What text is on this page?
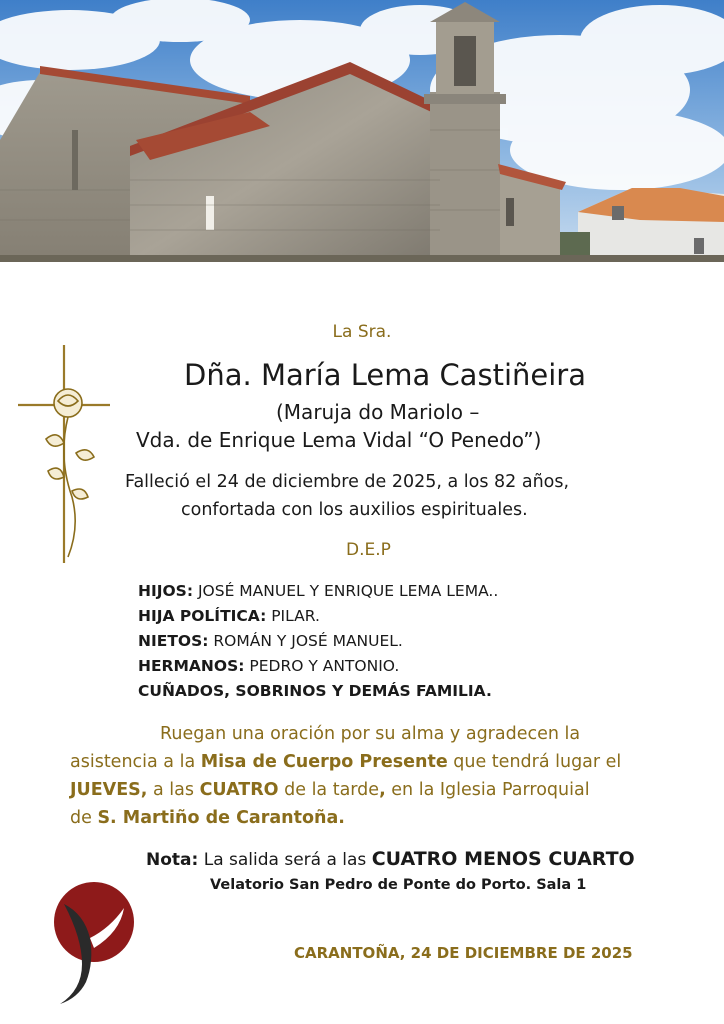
La Sra.
Dña. María Lema Castiñeira
(Maruja do Mariolo –
Vda. de Enrique Lema Vidal “O Penedo”)
Falleció el 24 de diciembre de 2025, a los 82 años,
confortada con los auxilios espirituales.
D.E.P
HIJOS: JOSÉ MANUEL Y ENRIQUE LEMA LEMA..
HIJA POLÍTICA: PILAR.
NIETOS: ROMÁN Y JOSÉ MANUEL.
HERMANOS: PEDRO Y ANTONIO.
CUÑADOS, SOBRINOS Y DEMÁS FAMILIA.
Ruegan una oración por su alma y agradecen la
asistencia a la Misa de Cuerpo Presente que tendrá lugar el
JUEVES, a las CUATRO de la tarde, en la Iglesia Parroquial
de S. Martiño de Carantoña.
Nota: La salida será a las CUATRO MENOS CUARTO
Velatorio San Pedro de Ponte do Porto. Sala 1
CARANTOÑA, 24 DE DICIEMBRE DE 2025
